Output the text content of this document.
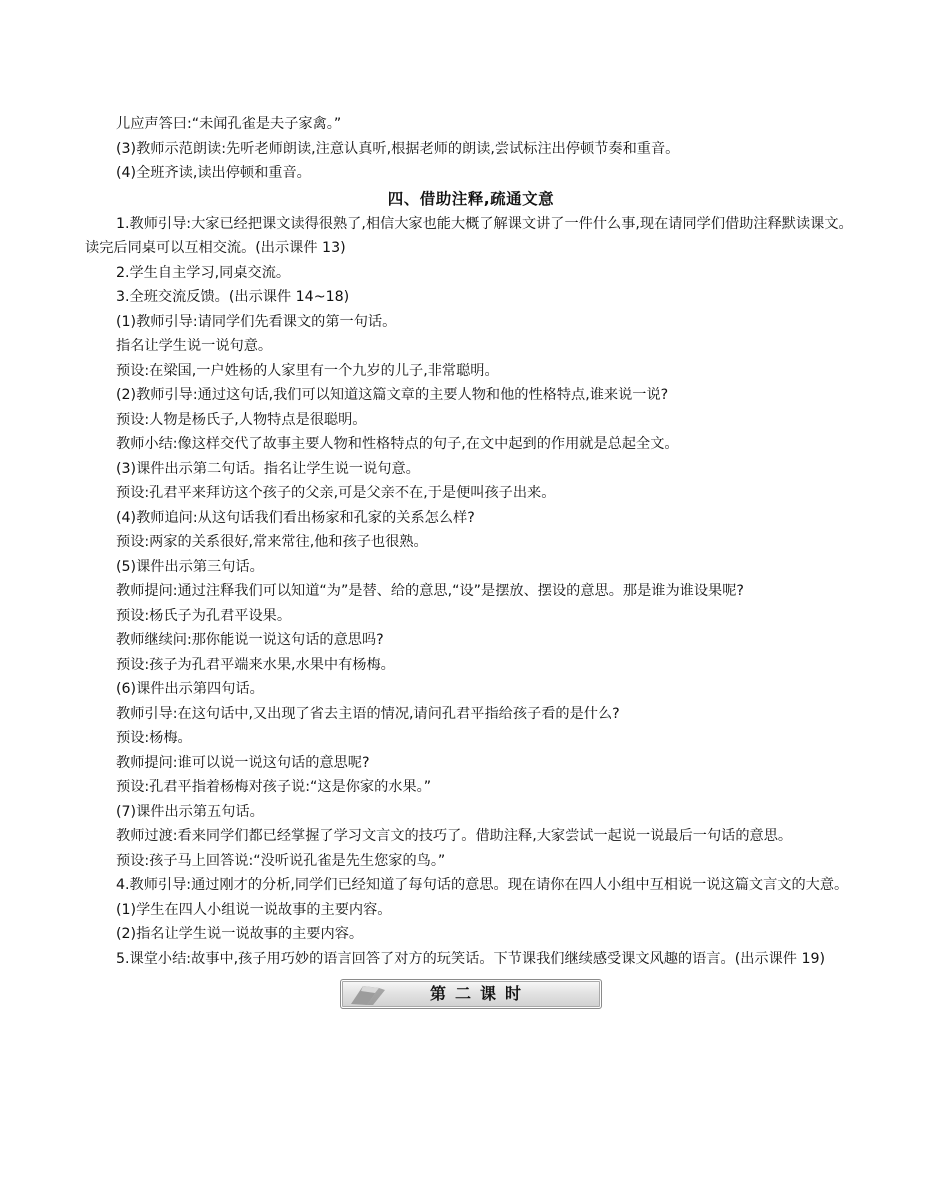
儿应声答曰:“未闻孔雀是夫子家禽。”

(3)教师示范朗读:先听老师朗读,注意认真听,根据老师的朗读,尝试标注出停顿节奏和重音。

(4)全班齐读,读出停顿和重音。

四、借助注释,疏通文意

1.教师引导:大家已经把课文读得很熟了,相信大家也能大概了解课文讲了一件什么事,现在请同学们借助注释默读课文。读完后同桌可以互相交流。(出示课件 13)

2.学生自主学习,同桌交流。

3.全班交流反馈。(出示课件 14~18)

(1)教师引导:请同学们先看课文的第一句话。

指名让学生说一说句意。

预设:在梁国,一户姓杨的人家里有一个九岁的儿子,非常聪明。

(2)教师引导:通过这句话,我们可以知道这篇文章的主要人物和他的性格特点,谁来说一说?

预设:人物是杨氏子,人物特点是很聪明。

教师小结:像这样交代了故事主要人物和性格特点的句子,在文中起到的作用就是总起全文。

(3)课件出示第二句话。指名让学生说一说句意。

预设:孔君平来拜访这个孩子的父亲,可是父亲不在,于是便叫孩子出来。

(4)教师追问:从这句话我们看出杨家和孔家的关系怎么样?

预设:两家的关系很好,常来常往,他和孩子也很熟。

(5)课件出示第三句话。

教师提问:通过注释我们可以知道“为”是替、给的意思,“设”是摆放、摆设的意思。那是谁为谁设果呢?

预设:杨氏子为孔君平设果。

教师继续问:那你能说一说这句话的意思吗?

预设:孩子为孔君平端来水果,水果中有杨梅。

(6)课件出示第四句话。

教师引导:在这句话中,又出现了省去主语的情况,请问孔君平指给孩子看的是什么?

预设:杨梅。

教师提问:谁可以说一说这句话的意思呢?

预设:孔君平指着杨梅对孩子说:“这是你家的水果。”

(7)课件出示第五句话。

教师过渡:看来同学们都已经掌握了学习文言文的技巧了。借助注释,大家尝试一起说一说最后一句话的意思。

预设:孩子马上回答说:“没听说孔雀是先生您家的鸟。”

4.教师引导:通过刚才的分析,同学们已经知道了每句话的意思。现在请你在四人小组中互相说一说这篇文言文的大意。

(1)学生在四人小组说一说故事的主要内容。

(2)指名让学生说一说故事的主要内容。

5.课堂小结:故事中,孩子用巧妙的语言回答了对方的玩笑话。下节课我们继续感受课文风趣的语言。(出示课件 19)

第二课时
